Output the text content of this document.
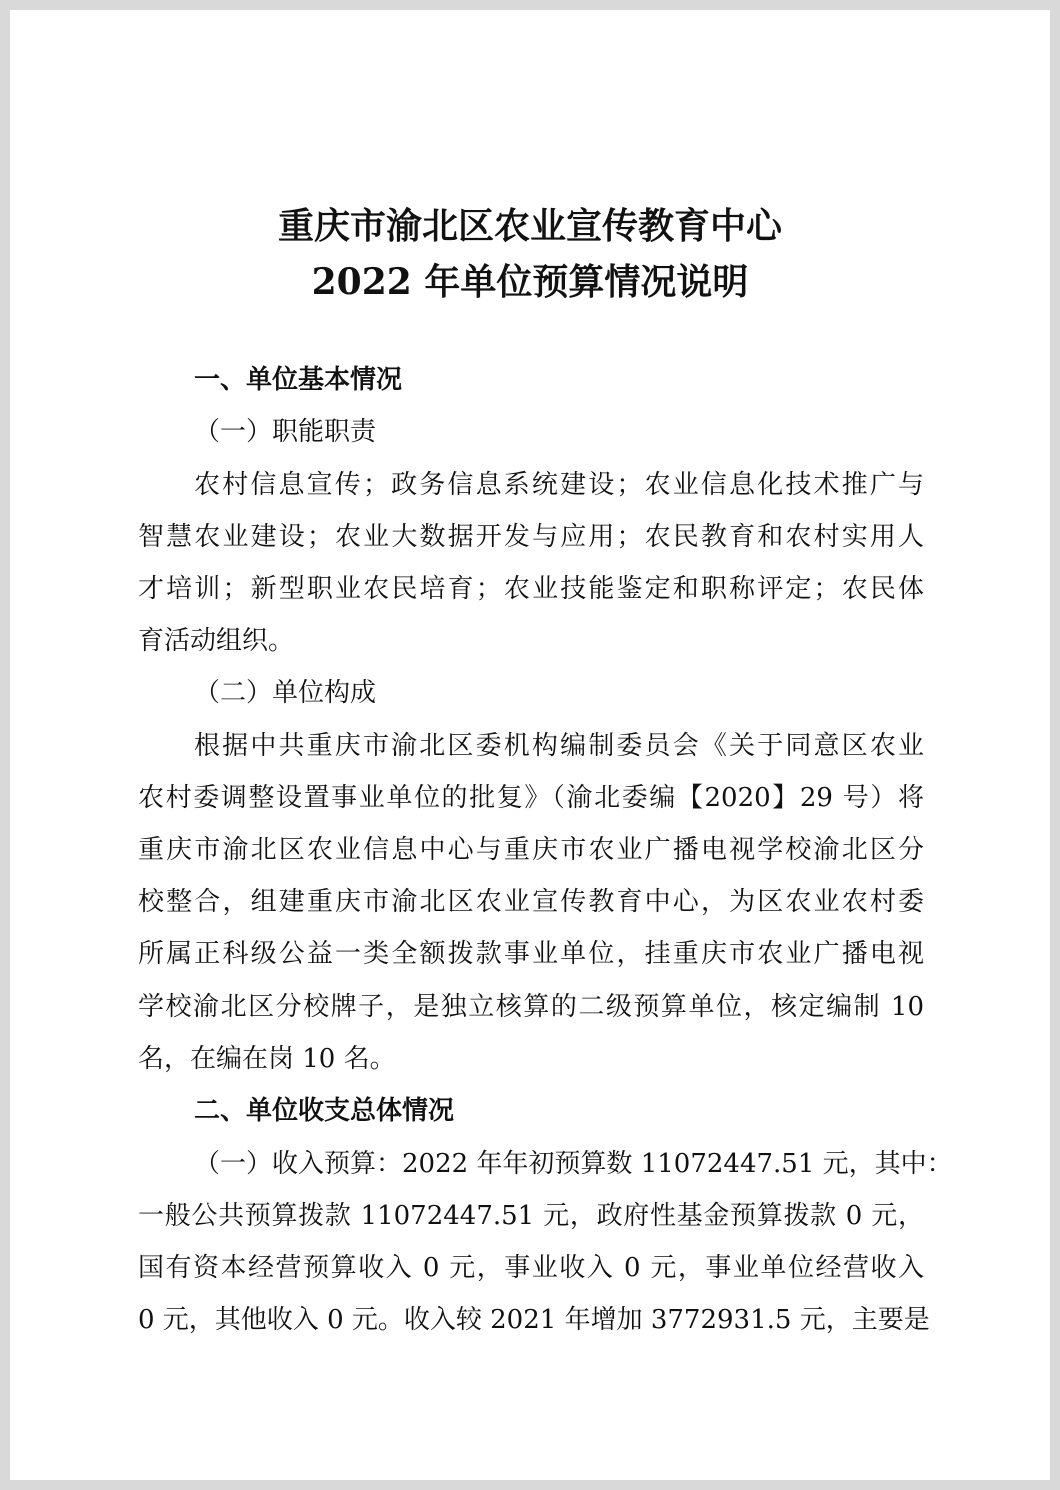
重庆市渝北区农业宣传教育中心
2022 年单位预算情况说明
一、单位基本情况
（一）职能职责
农村信息宣传；政务信息系统建设；农业信息化技术推广与
智慧农业建设；农业大数据开发与应用；农民教育和农村实用人
才培训；新型职业农民培育；农业技能鉴定和职称评定；农民体
育活动组织。
（二）单位构成
根据中共重庆市渝北区委机构编制委员会《关于同意区农业
农村委调整设置事业单位的批复》（渝北委编【2020】29 号）将
重庆市渝北区农业信息中心与重庆市农业广播电视学校渝北区分
校整合，组建重庆市渝北区农业宣传教育中心，为区农业农村委
所属正科级公益一类全额拨款事业单位，挂重庆市农业广播电视
学校渝北区分校牌子，是独立核算的二级预算单位，核定编制 10
名，在编在岗 10 名。
二、单位收支总体情况
（一）收入预算：2022 年年初预算数 11072447.51 元，其中：
一般公共预算拨款 11072447.51 元，政府性基金预算拨款 0 元，
国有资本经营预算收入 0 元，事业收入 0 元，事业单位经营收入
0 元，其他收入 0 元。收入较 2021 年增加 3772931.5 元，主要是
